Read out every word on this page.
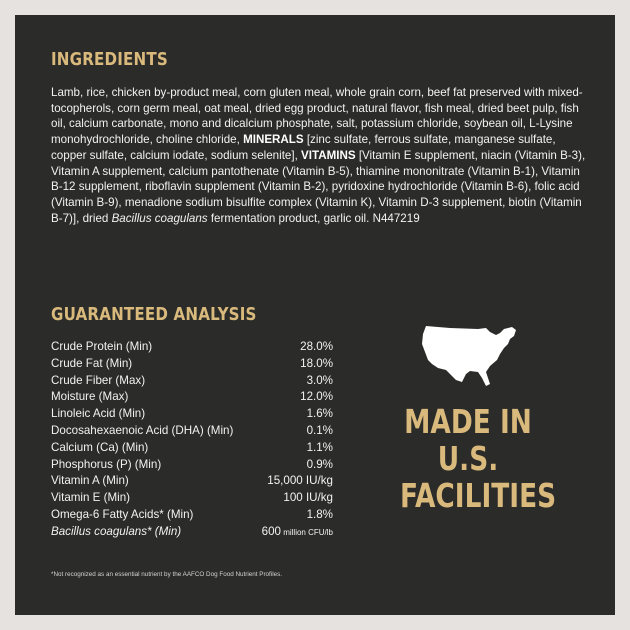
INGREDIENTS
Lamb, rice, chicken by-product meal, corn gluten meal, whole grain corn, beef fat preserved with mixed-tocopherols, corn germ meal, oat meal, dried egg product, natural flavor, fish meal, dried beet pulp, fish oil, calcium carbonate, mono and dicalcium phosphate, salt, potassium chloride, soybean oil, L-Lysine monohydrochloride, choline chloride, MINERALS [zinc sulfate, ferrous sulfate, manganese sulfate, copper sulfate, calcium iodate, sodium selenite], VITAMINS [Vitamin E supplement, niacin (Vitamin B-3), Vitamin A supplement, calcium pantothenate (Vitamin B-5), thiamine mononitrate (Vitamin B-1), Vitamin B-12 supplement, riboflavin supplement (Vitamin B-2), pyridoxine hydrochloride (Vitamin B-6), folic acid (Vitamin B-9), menadione sodium bisulfite complex (Vitamin K), Vitamin D-3 supplement, biotin (Vitamin B-7)], dried Bacillus coagulans fermentation product, garlic oil. N447219
GUARANTEED ANALYSIS
Crude Protein (Min)	28.0%
Crude Fat (Min)	18.0%
Crude Fiber (Max)	3.0%
Moisture (Max)	12.0%
Linoleic Acid (Min)	1.6%
Docosahexaenoic Acid (DHA) (Min)	0.1%
Calcium (Ca) (Min)	1.1%
Phosphorus (P) (Min)	0.9%
Vitamin A (Min)	15,000 IU/kg
Vitamin E (Min)	100 IU/kg
Omega-6 Fatty Acids* (Min)	1.8%
Bacillus coagulans* (Min)	600 million CFU/lb
*Not recognized as an essential nutrient by the AAFCO Dog Food Nutrient Profiles.
MADE IN
U.S.
FACILITIES
